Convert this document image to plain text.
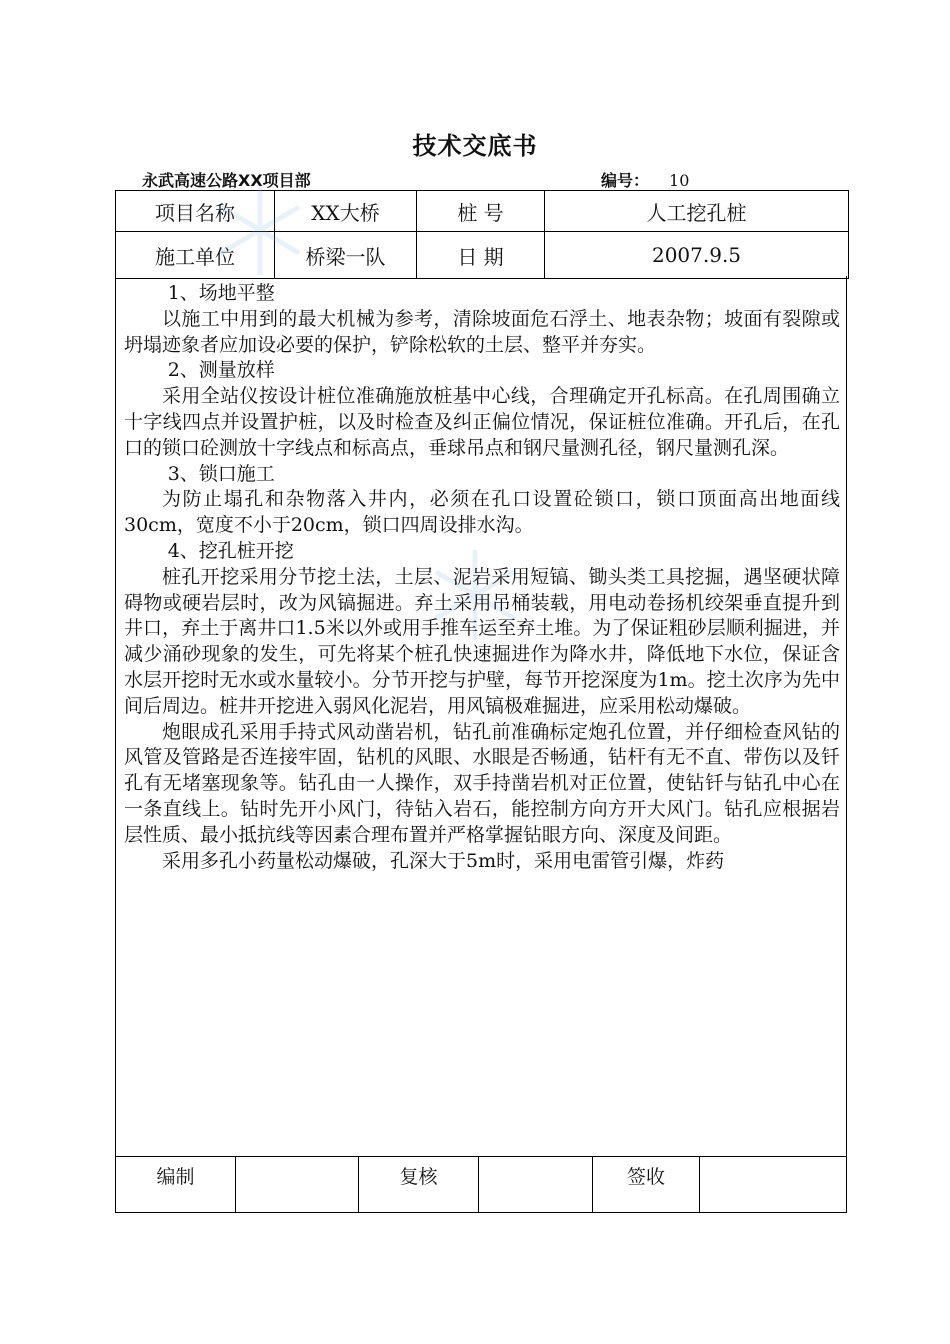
技术交底书
永武高速公路XX项目部	编号： 10
项目名称	XX大桥	桩 号	人工挖孔桩
施工单位	桥梁一队	日 期	2007.9.5

1、场地平整

以施工中用到的最大机械为参考，清除坡面危石浮土、地表杂物；坡面有裂隙或坍塌迹象者应加设必要的保护，铲除松软的土层、整平并夯实。

2、测量放样

采用全站仪按设计桩位准确施放桩基中心线，合理确定开孔标高。在孔周围确立十字线四点并设置护桩，以及时检查及纠正偏位情况，保证桩位准确。开孔后，在孔口的锁口砼测放十字线点和标高点，垂球吊点和钢尺量测孔径，钢尺量测孔深。

3、锁口施工

为防止塌孔和杂物落入井内，必须在孔口设置砼锁口，锁口顶面高出地面线30cm，宽度不小于20cm，锁口四周设排水沟。

4、挖孔桩开挖

桩孔开挖采用分节挖土法，土层、泥岩采用短镐、锄头类工具挖掘，遇坚硬状障碍物或硬岩层时，改为风镐掘进。弃土采用吊桶装载，用电动卷扬机绞架垂直提升到井口，弃土于离井口1.5米以外或用手推车运至弃土堆。为了保证粗砂层顺利掘进，并减少涌砂现象的发生，可先将某个桩孔快速掘进作为降水井，降低地下水位，保证含水层开挖时无水或水量较小。分节开挖与护壁，每节开挖深度为1m。挖土次序为先中间后周边。桩井开挖进入弱风化泥岩，用风镐极难掘进，应采用松动爆破。

炮眼成孔采用手持式风动凿岩机，钻孔前准确标定炮孔位置，并仔细检查风钻的风管及管路是否连接牢固，钻机的风眼、水眼是否畅通，钻杆有无不直、带伤以及钎孔有无堵塞现象等。钻孔由一人操作，双手持凿岩机对正位置，使钻钎与钻孔中心在一条直线上。钻时先开小风门，待钻入岩石，能控制方向方开大风门。钻孔应根据岩层性质、最小抵抗线等因素合理布置并严格掌握钻眼方向、深度及间距。

采用多孔小药量松动爆破，孔深大于5m时，采用电雷管引爆，炸药

编制		复核		签收	
